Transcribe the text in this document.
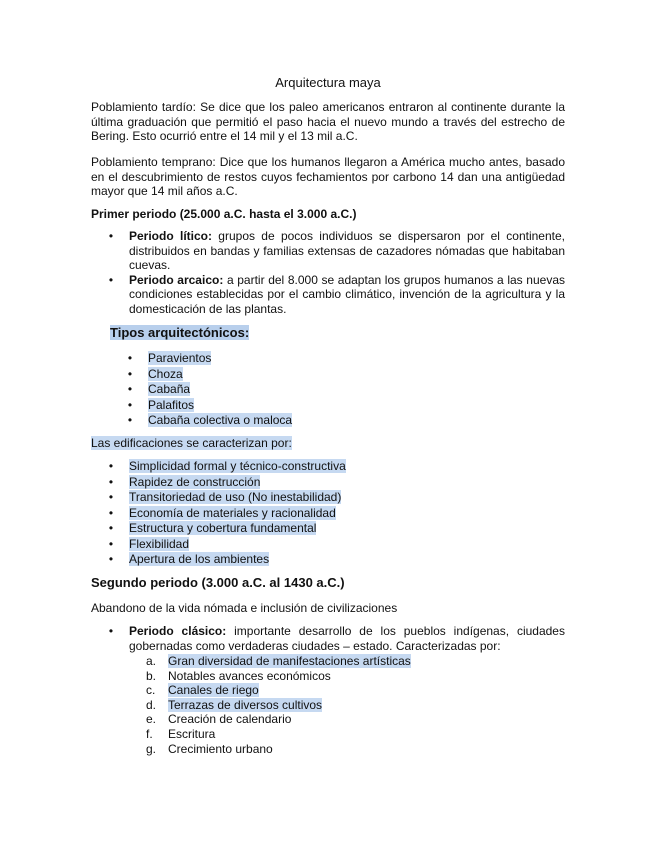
Arquitectura maya
Poblamiento tardío: Se dice que los paleo americanos entraron al continente durante la última graduación que permitió el paso hacia el nuevo mundo a través del estrecho de Bering. Esto ocurrió entre el 14 mil y el 13 mil a.C.
Poblamiento temprano: Dice que los humanos llegaron a América mucho antes, basado en el descubrimiento de restos cuyos fechamientos por carbono 14 dan una antigüedad mayor que 14 mil años a.C.
Primer periodo (25.000 a.C. hasta el 3.000 a.C.)
• Periodo lítico: grupos de pocos individuos se dispersaron por el continente, distribuidos en bandas y familias extensas de cazadores nómadas que habitaban cuevas.
• Periodo arcaico: a partir del 8.000 se adaptan los grupos humanos a las nuevas condiciones establecidas por el cambio climático, invención de la agricultura y la domesticación de las plantas.
Tipos arquitectónicos:
• Paravientos
• Choza
• Cabaña
• Palafitos
• Cabaña colectiva o maloca
Las edificaciones se caracterizan por:
• Simplicidad formal y técnico-constructiva
• Rapidez de construcción
• Transitoriedad de uso (No inestabilidad)
• Economía de materiales y racionalidad
• Estructura y cobertura fundamental
• Flexibilidad
• Apertura de los ambientes
Segundo periodo (3.000 a.C. al 1430 a.C.)
Abandono de la vida nómada e inclusión de civilizaciones
• Periodo clásico: importante desarrollo de los pueblos indígenas, ciudades gobernadas como verdaderas ciudades – estado. Caracterizadas por:
a. Gran diversidad de manifestaciones artísticas
b. Notables avances económicos
c. Canales de riego
d. Terrazas de diversos cultivos
e. Creación de calendario
f. Escritura
g. Crecimiento urbano
